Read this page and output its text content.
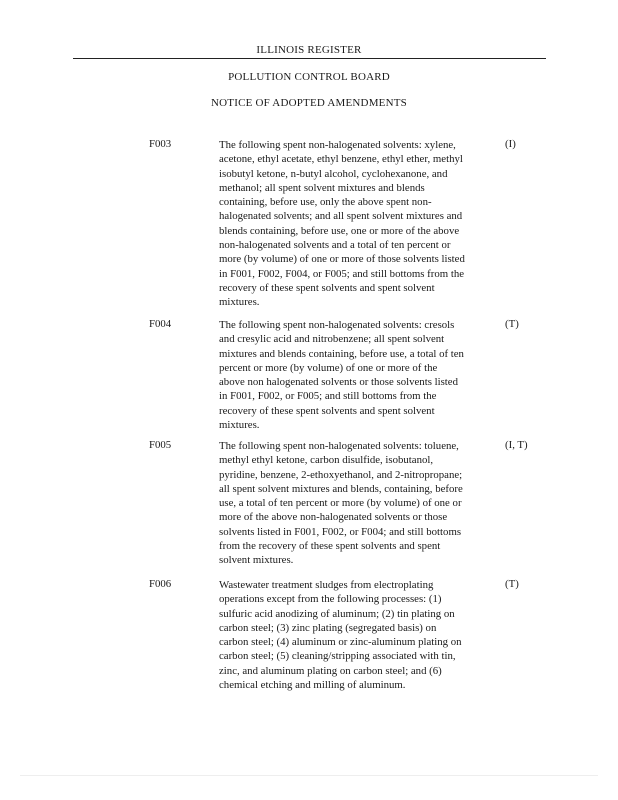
ILLINOIS REGISTER
POLLUTION CONTROL BOARD
NOTICE OF ADOPTED AMENDMENTS
F003	The following spent non-halogenated solvents: xylene,
acetone, ethyl acetate, ethyl benzene, ethyl ether, methyl
isobutyl ketone, n-butyl alcohol, cyclohexanone, and
methanol; all spent solvent mixtures and blends
containing, before use, only the above spent non-
halogenated solvents; and all spent solvent mixtures and
blends containing, before use, one or more of the above
non-halogenated solvents and a total of ten percent or
more (by volume) of one or more of those solvents listed
in F001, F002, F004, or F005; and still bottoms from the
recovery of these spent solvents and spent solvent
mixtures.
(I)
F004	The following spent non-halogenated solvents: cresols
and cresylic acid and nitrobenzene; all spent solvent
mixtures and blends containing, before use, a total of ten
percent or more (by volume) of one or more of the
above non halogenated solvents or those solvents listed
in F001, F002, or F005; and still bottoms from the
recovery of these spent solvents and spent solvent
mixtures.
(T)
F005	The following spent non-halogenated solvents: toluene,
methyl ethyl ketone, carbon disulfide, isobutanol,
pyridine, benzene, 2-ethoxyethanol, and 2-nitropropane;
all spent solvent mixtures and blends, containing, before
use, a total of ten percent or more (by volume) of one or
more of the above non-halogenated solvents or those
solvents listed in F001, F002, or F004; and still bottoms
from the recovery of these spent solvents and spent
solvent mixtures.
(I, T)
F006	Wastewater treatment sludges from electroplating
operations except from the following processes: (1)
sulfuric acid anodizing of aluminum; (2) tin plating on
carbon steel; (3) zinc plating (segregated basis) on
carbon steel; (4) aluminum or zinc-aluminum plating on
carbon steel; (5) cleaning/stripping associated with tin,
zinc, and aluminum plating on carbon steel; and (6)
chemical etching and milling of aluminum.
(T)
